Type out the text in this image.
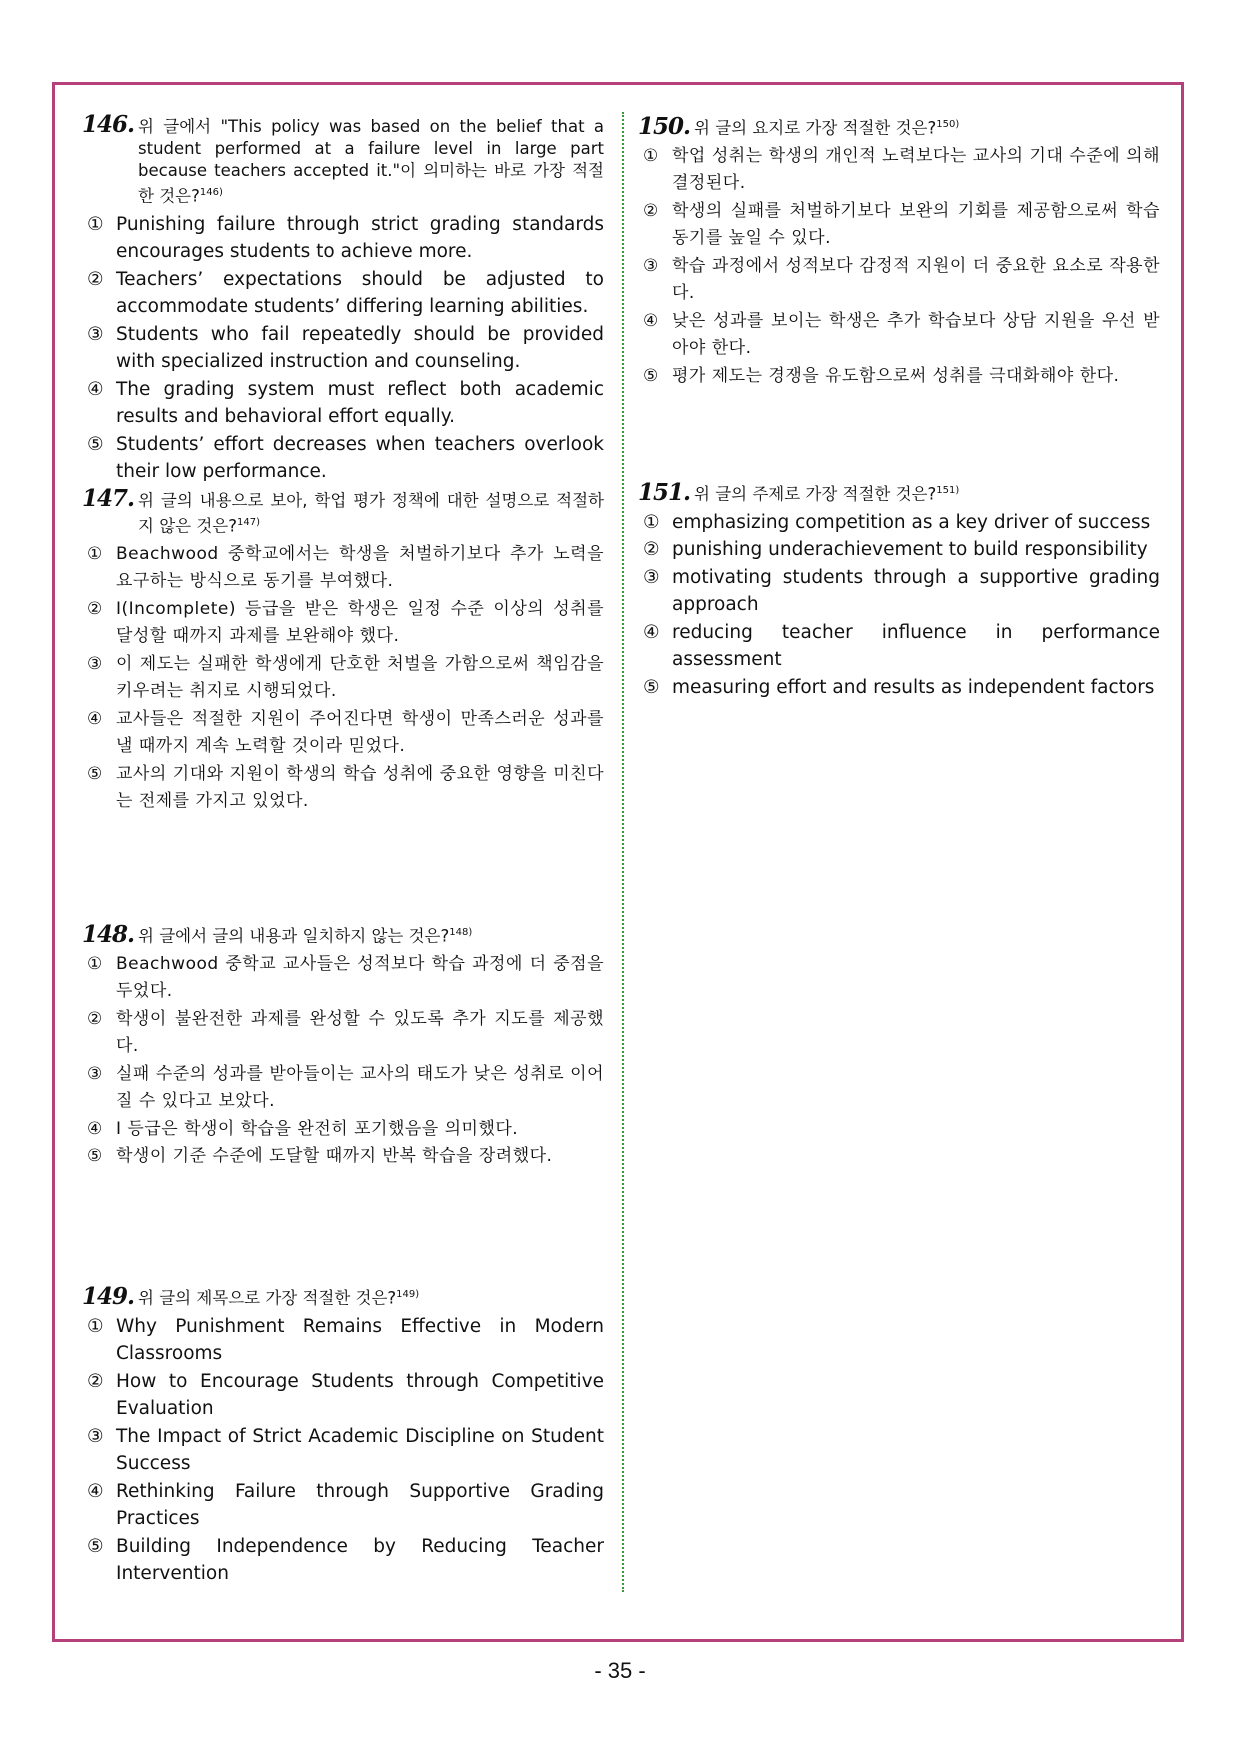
146. 위 글에서 "This policy was based on the belief that a student performed at a failure level in large part because teachers accepted it."이 의미하는 바로 가장 적절한 것은?$^{146)}$
① Punishing failure through strict grading standards encourages students to achieve more.
② Teachers’ expectations should be adjusted to accommodate students’ differing learning abilities.
③ Students who fail repeatedly should be provided with specialized instruction and counseling.
④ The grading system must reflect both academic results and behavioral effort equally.
⑤ Students’ effort decreases when teachers overlook their low performance.
147. 위 글의 내용으로 보아, 학업 평가 정책에 대한 설명으로 적절하지 않은 것은?$^{147)}$
① Beachwood 중학교에서는 학생을 처벌하기보다 추가 노력을 요구하는 방식으로 동기를 부여했다.
② I(Incomplete) 등급을 받은 학생은 일정 수준 이상의 성취를 달성할 때까지 과제를 보완해야 했다.
③ 이 제도는 실패한 학생에게 단호한 처벌을 가함으로써 책임감을 키우려는 취지로 시행되었다.
④ 교사들은 적절한 지원이 주어진다면 학생이 만족스러운 성과를 낼 때까지 계속 노력할 것이라 믿었다.
⑤ 교사의 기대와 지원이 학생의 학습 성취에 중요한 영향을 미친다는 전제를 가지고 있었다.
148. 위 글에서 글의 내용과 일치하지 않는 것은?$^{148)}$
① Beachwood 중학교 교사들은 성적보다 학습 과정에 더 중점을 두었다.
② 학생이 불완전한 과제를 완성할 수 있도록 추가 지도를 제공했다.
③ 실패 수준의 성과를 받아들이는 교사의 태도가 낮은 성취로 이어질 수 있다고 보았다.
④ I 등급은 학생이 학습을 완전히 포기했음을 의미했다.
⑤ 학생이 기준 수준에 도달할 때까지 반복 학습을 장려했다.
149. 위 글의 제목으로 가장 적절한 것은?$^{149)}$
① Why Punishment Remains Effective in Modern Classrooms
② How to Encourage Students through Competitive Evaluation
③ The Impact of Strict Academic Discipline on Student Success
④ Rethinking Failure through Supportive Grading Practices
⑤ Building Independence by Reducing Teacher Intervention
150. 위 글의 요지로 가장 적절한 것은?$^{150)}$
① 학업 성취는 학생의 개인적 노력보다는 교사의 기대 수준에 의해 결정된다.
② 학생의 실패를 처벌하기보다 보완의 기회를 제공함으로써 학습 동기를 높일 수 있다.
③ 학습 과정에서 성적보다 감정적 지원이 더 중요한 요소로 작용한다.
④ 낮은 성과를 보이는 학생은 추가 학습보다 상담 지원을 우선 받아야 한다.
⑤ 평가 제도는 경쟁을 유도함으로써 성취를 극대화해야 한다.
151. 위 글의 주제로 가장 적절한 것은?$^{151)}$
① emphasizing competition as a key driver of success
② punishing underachievement to build responsibility
③ motivating students through a supportive grading approach
④ reducing teacher influence in performance assessment
⑤ measuring effort and results as independent factors
- 35 -
